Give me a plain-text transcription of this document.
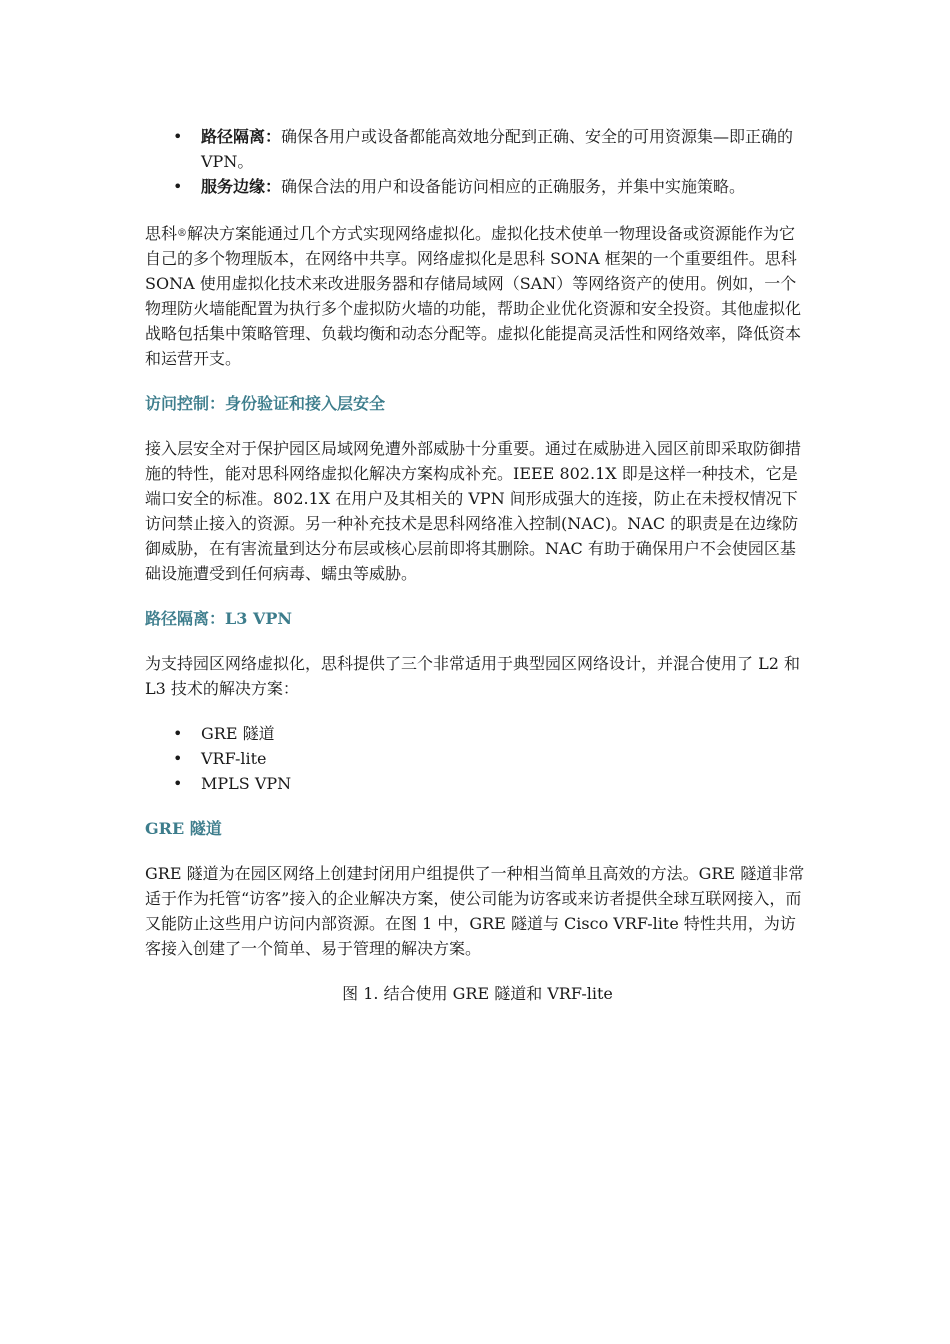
• 路径隔离：确保各用户或设备都能高效地分配到正确、安全的可用资源集—即正确的 VPN。
• 服务边缘：确保合法的用户和设备能访问相应的正确服务，并集中实施策略。

思科®解决方案能通过几个方式实现网络虚拟化。虚拟化技术使单一物理设备或资源能作为它自己的多个物理版本，在网络中共享。网络虚拟化是思科 SONA 框架的一个重要组件。思科 SONA 使用虚拟化技术来改进服务器和存储局域网（SAN）等网络资产的使用。例如，一个物理防火墙能配置为执行多个虚拟防火墙的功能，帮助企业优化资源和安全投资。其他虚拟化战略包括集中策略管理、负载均衡和动态分配等。虚拟化能提高灵活性和网络效率，降低资本和运营开支。

访问控制：身份验证和接入层安全

接入层安全对于保护园区局域网免遭外部威胁十分重要。通过在威胁进入园区前即采取防御措施的特性，能对思科网络虚拟化解决方案构成补充。IEEE 802.1X 即是这样一种技术，它是端口安全的标准。802.1X 在用户及其相关的 VPN 间形成强大的连接，防止在未授权情况下访问禁止接入的资源。另一种补充技术是思科网络准入控制(NAC)。NAC 的职责是在边缘防御威胁，在有害流量到达分布层或核心层前即将其删除。NAC 有助于确保用户不会使园区基础设施遭受到任何病毒、蠕虫等威胁。

路径隔离：L3 VPN

为支持园区网络虚拟化，思科提供了三个非常适用于典型园区网络设计，并混合使用了 L2 和 L3 技术的解决方案：

• GRE 隧道
• VRF-lite
• MPLS VPN
GRE 隧道

GRE 隧道为在园区网络上创建封闭用户组提供了一种相当简单且高效的方法。GRE 隧道非常适于作为托管“访客”接入的企业解决方案，使公司能为访客或来访者提供全球互联网接入，而又能防止这些用户访问内部资源。在图 1 中，GRE 隧道与 Cisco VRF-lite 特性共用，为访客接入创建了一个简单、易于管理的解决方案。

图 1. 结合使用 GRE 隧道和 VRF-lite
